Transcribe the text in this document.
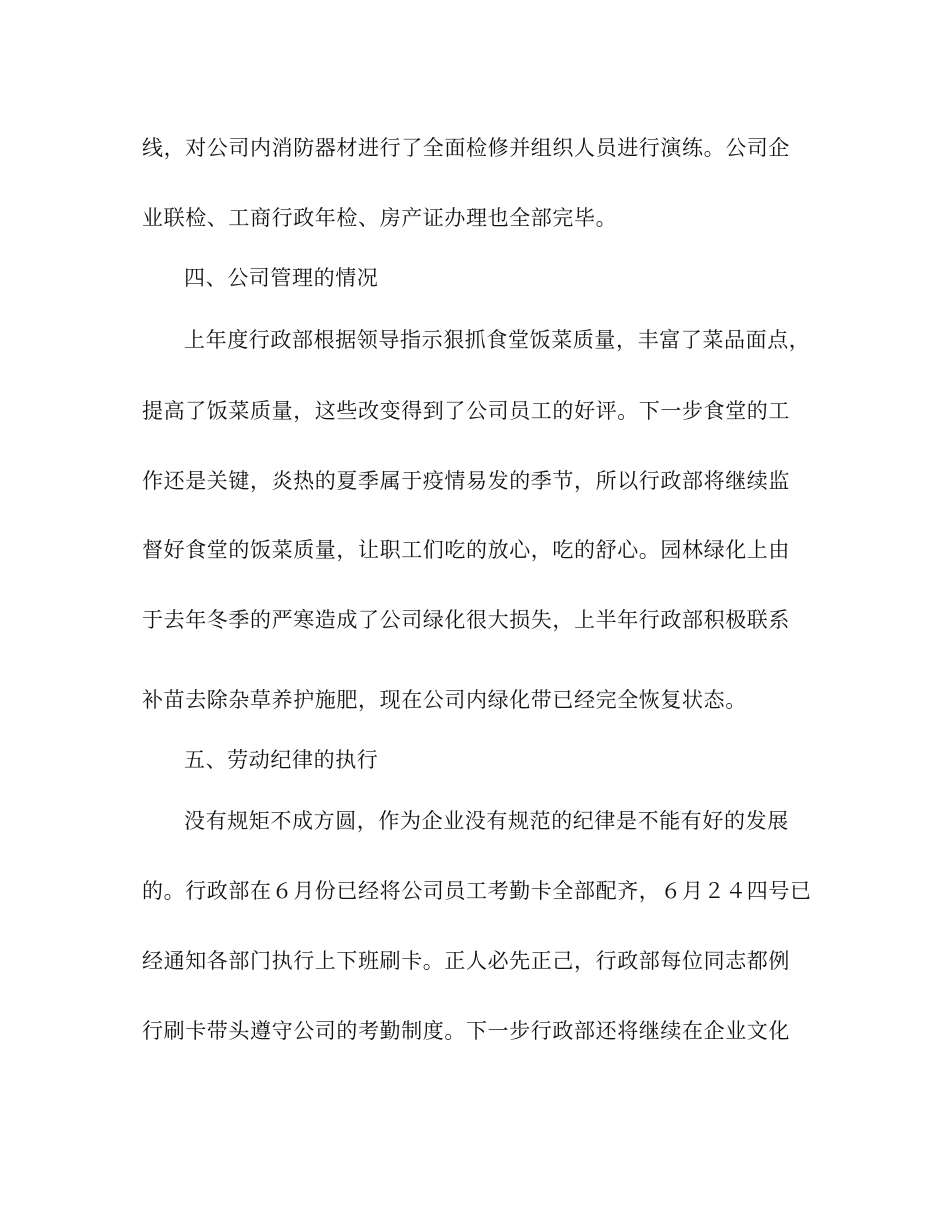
线，对公司内消防器材进行了全面检修并组织人员进行演练。公司企
业联检、工商行政年检、房产证办理也全部完毕。
四、公司管理的情况
上年度行政部根据领导指示狠抓食堂饭菜质量，丰富了菜品面点，
提高了饭菜质量，这些改变得到了公司员工的好评。下一步食堂的工
作还是关键，炎热的夏季属于疫情易发的季节，所以行政部将继续监
督好食堂的饭菜质量，让职工们吃的放心，吃的舒心。园林绿化上由
于去年冬季的严寒造成了公司绿化很大损失，上半年行政部积极联系
补苗去除杂草养护施肥，现在公司内绿化带已经完全恢复状态。
五、劳动纪律的执行
没有规矩不成方圆，作为企业没有规范的纪律是不能有好的发展
的。行政部在６月份已经将公司员工考勤卡全部配齐，６月２４四号已
经通知各部门执行上下班刷卡。正人必先正己，行政部每位同志都例
行刷卡带头遵守公司的考勤制度。下一步行政部还将继续在企业文化
